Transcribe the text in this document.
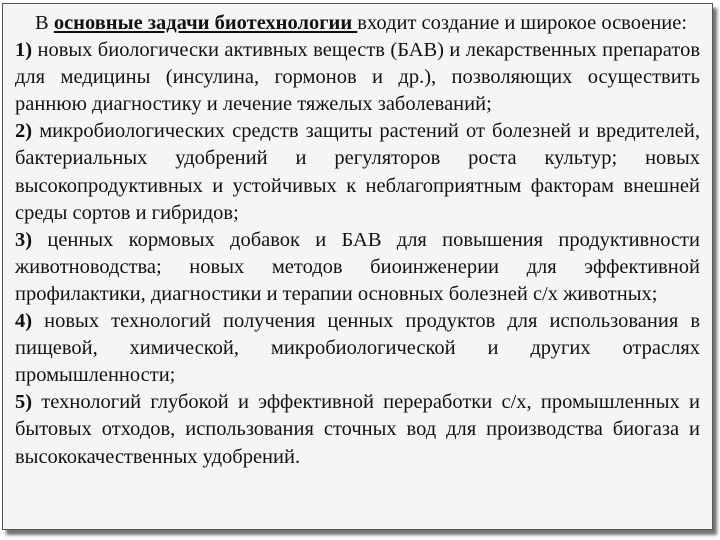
В основные задачи биотехнологии входит создание и широкое освоение:

1) новых биологически активных веществ (БАВ) и лекарственных препаратов для медицины (инсулина, гормонов и др.), позволяющих осуществить раннюю диагностику и лечение тяжелых заболеваний;

2) микробиологических средств защиты растений от болезней и вредителей, бактериальных удобрений и регуляторов роста культур; новых высокопродуктивных и устойчивых к неблагоприятным факторам внешней среды сортов и гибридов;

3) ценных кормовых добавок и БАВ для повышения продуктивности животноводства; новых методов биоинженерии для эффективной профилактики, диагностики и терапии основных болезней с/х животных;

4) новых технологий получения ценных продуктов для использования в пищевой, химической, микробиологической и других отраслях промышленности;

5) технологий глубокой и эффективной переработки с/х, промышленных и бытовых отходов, использования сточных вод для производства биогаза и высококачественных удобрений.
